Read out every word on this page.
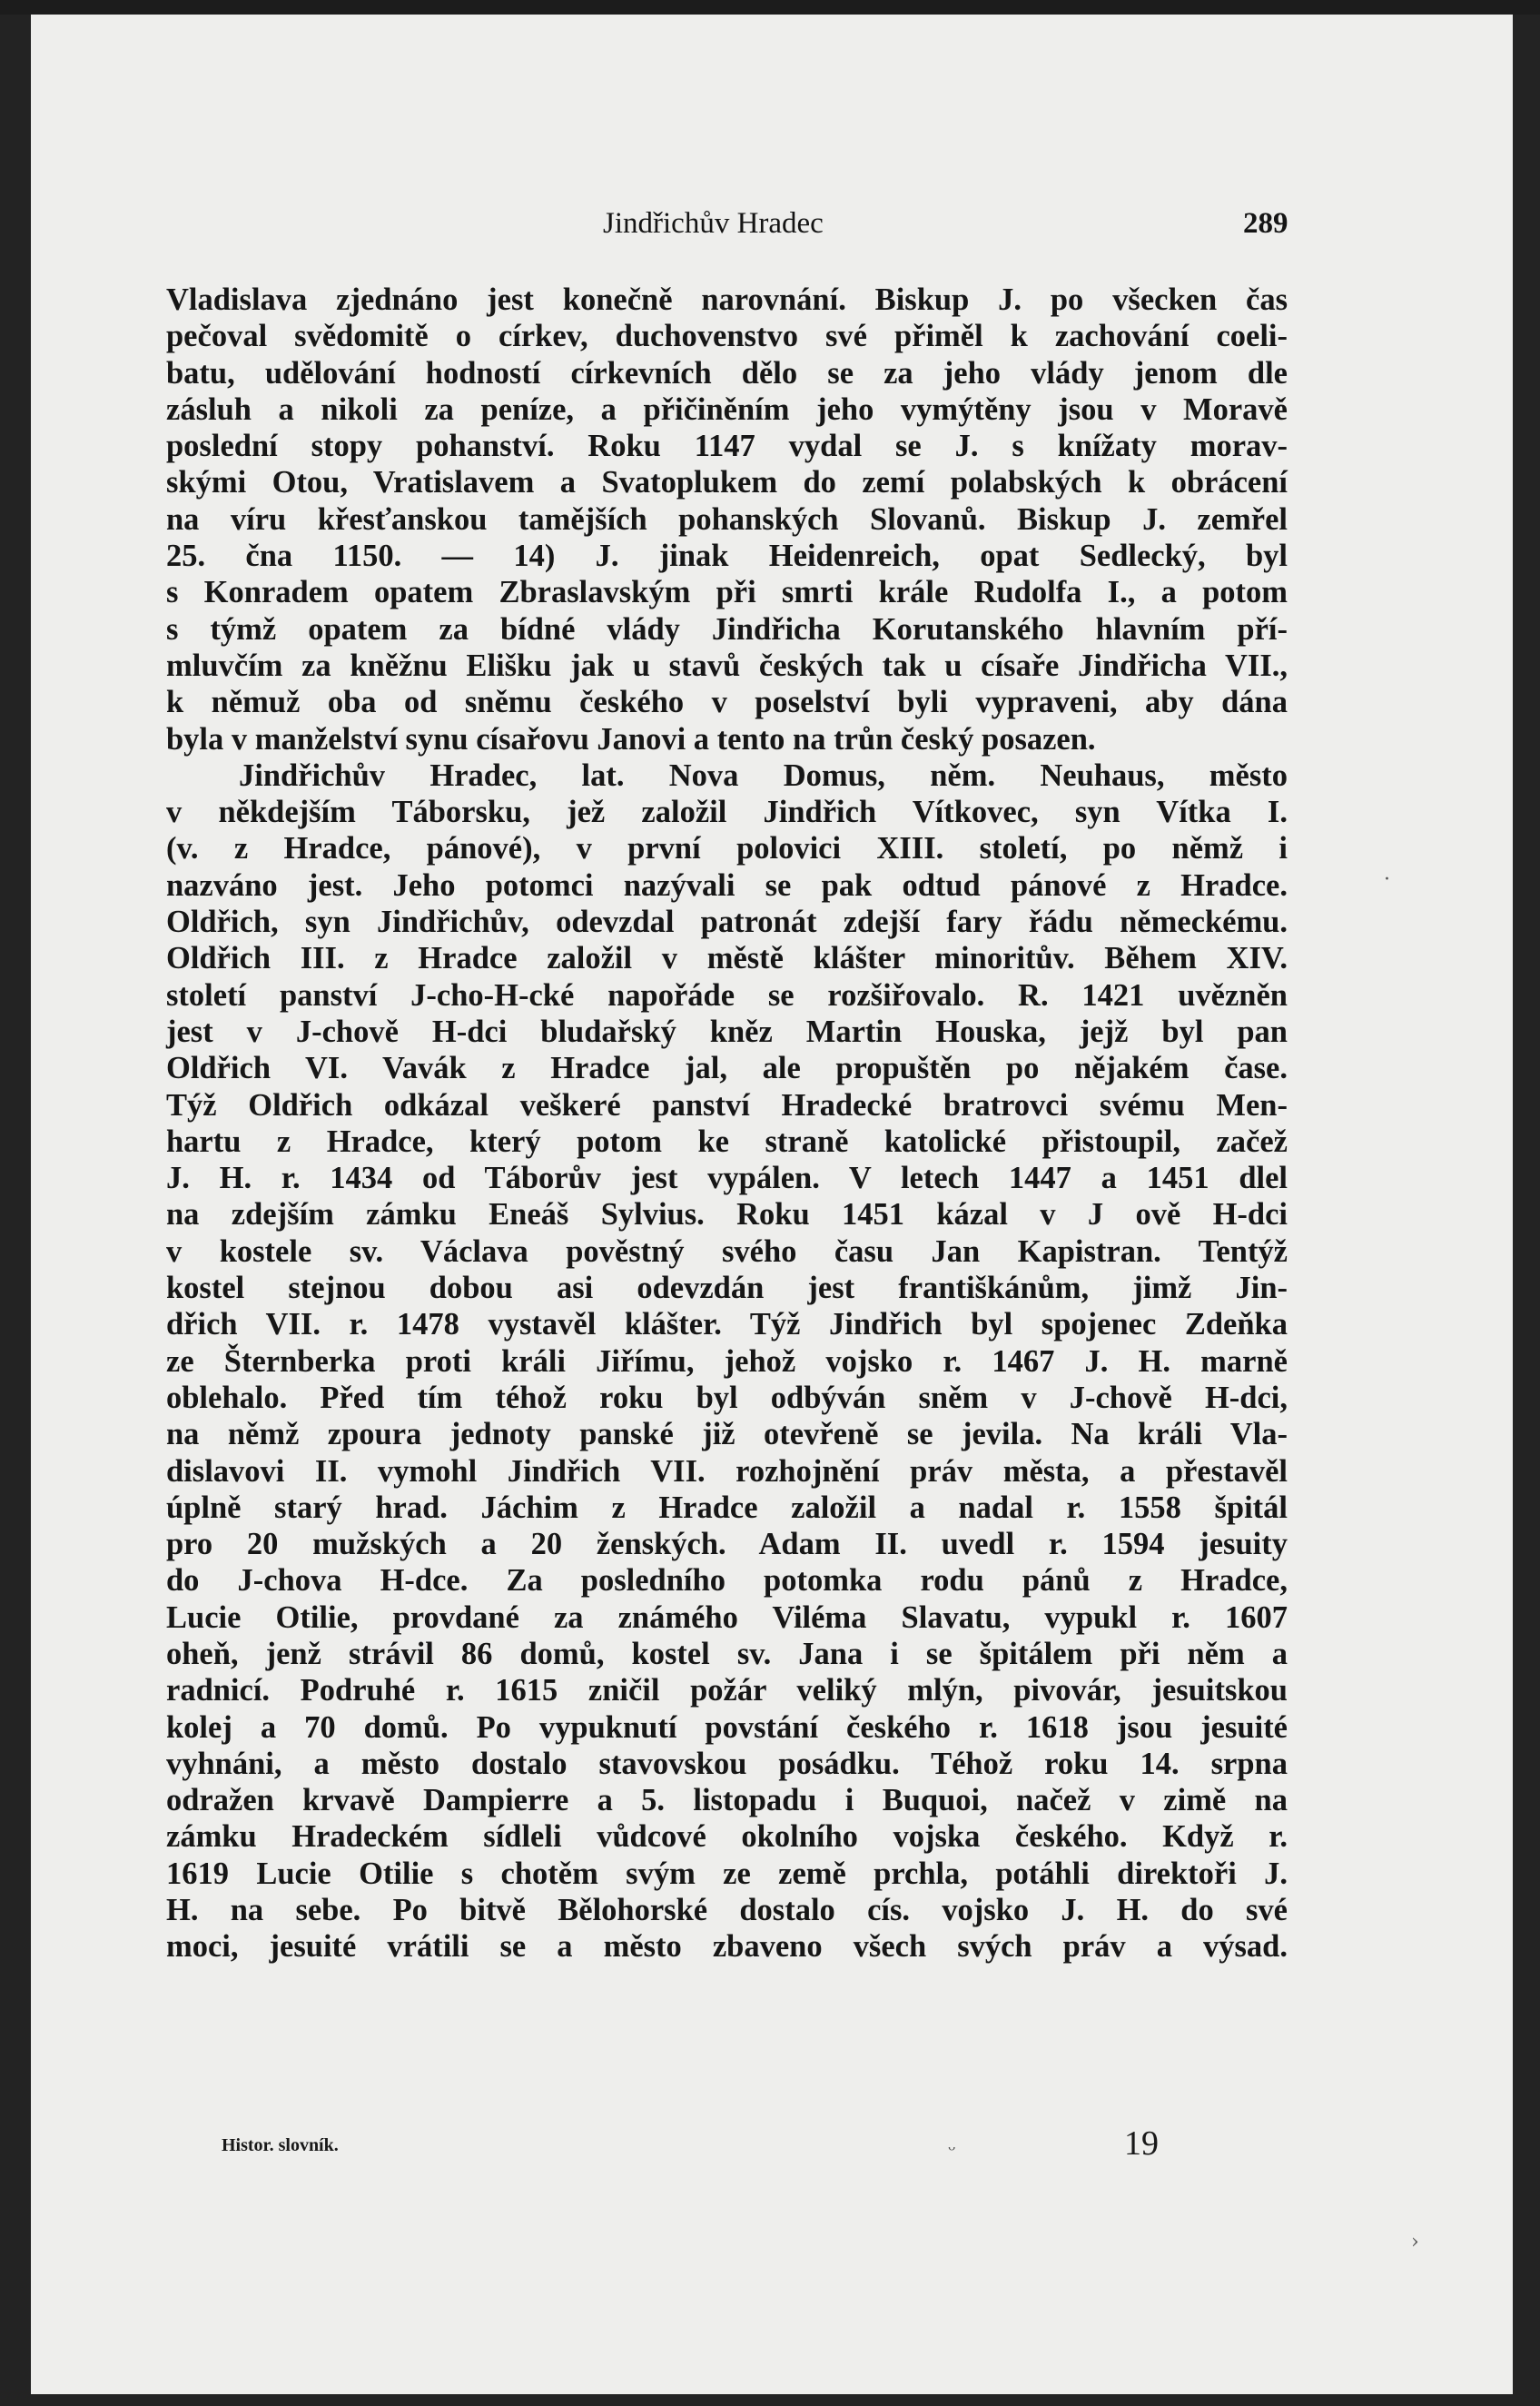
Jindřichův Hradec	289
Vladislava zjednáno jest konečně narovnání. Biskup J. po všecken čas
pečoval svědomitě o církev, duchovenstvo své přiměl k zachování coeli-
batu, udělování hodností církevních dělo se za jeho vlády jenom dle
zásluh a nikoli za peníze, a přičiněním jeho vymýtěny jsou v Moravě
poslední stopy pohanství. Roku 1147 vydal se J. s knížaty morav-
skými Otou, Vratislavem a Svatoplukem do zemí polabských k obrácení
na víru křesťanskou tamějších pohanských Slovanů. Biskup J. zemřel
25. čna 1150. — 14) J. jinak Heidenreich, opat Sedlecký, byl
s Konradem opatem Zbraslavským při smrti krále Rudolfa I., a potom
s týmž opatem za bídné vlády Jindřicha Korutanského hlavním pří-
mluvčím za kněžnu Elišku jak u stavů českých tak u císaře Jindřicha VII.,
k němuž oba od sněmu českého v poselství byli vypraveni, aby dána
byla v manželství synu císařovu Janovi a tento na trůn český posazen.
Jindřichův Hradec, lat. Nova Domus, něm. Neuhaus, město
v někdejším Táborsku, jež založil Jindřich Vítkovec, syn Vítka I.
(v. z Hradce, pánové), v první polovici XIII. století, po němž i
nazváno jest. Jeho potomci nazývali se pak odtud pánové z Hradce.
Oldřich, syn Jindřichův, odevzdal patronát zdejší fary řádu německému.
Oldřich III. z Hradce založil v městě klášter minoritův. Během XIV.
století panství J-cho-H-cké napořáde se rozšiřovalo. R. 1421 uvězněn
jest v J-chově H-dci bludařský kněz Martin Houska, jejž byl pan
Oldřich VI. Vavák z Hradce jal, ale propuštěn po nějakém čase.
Týž Oldřich odkázal veškeré panství Hradecké bratrovci svému Men-
hartu z Hradce, který potom ke straně katolické přistoupil, začež
J. H. r. 1434 od Táborův jest vypálen. V letech 1447 a 1451 dlel
na zdejším zámku Eneáš Sylvius. Roku 1451 kázal v J ově H-dci
v kostele sv. Václava pověstný svého času Jan Kapistran. Tentýž
kostel stejnou dobou asi odevzdán jest františkánům, jimž Jin-
dřich VII. r. 1478 vystavěl klášter. Týž Jindřich byl spojenec Zdeňka
ze Šternberka proti králi Jiřímu, jehož vojsko r. 1467 J. H. marně
oblehalo. Před tím téhož roku byl odbýván sněm v J-chově H-dci,
na němž zpoura jednoty panské již otevřeně se jevila. Na králi Vla-
dislavovi II. vymohl Jindřich VII. rozhojnění práv města, a přestavěl
úplně starý hrad. Jáchim z Hradce založil a nadal r. 1558 špitál
pro 20 mužských a 20 ženských. Adam II. uvedl r. 1594 jesuity
do J-chova H-dce. Za posledního potomka rodu pánů z Hradce,
Lucie Otilie, provdané za známého Viléma Slavatu, vypukl r. 1607
oheň, jenž strávil 86 domů, kostel sv. Jana i se špitálem při něm a
radnicí. Podruhé r. 1615 zničil požár veliký mlýn, pivovár, jesuitskou
kolej a 70 domů. Po vypuknutí povstání českého r. 1618 jsou jesuité
vyhnáni, a město dostalo stavovskou posádku. Téhož roku 14. srpna
odražen krvavě Dampierre a 5. listopadu i Buquoi, načež v zimě na
zámku Hradeckém sídleli vůdcové okolního vojska českého. Když r.
1619 Lucie Otilie s chotěm svým ze země prchla, potáhli direktoři J.
H. na sebe. Po bitvě Bělohorské dostalo cís. vojsko J. H. do své
moci, jesuité vrátili se a město zbaveno všech svých práv a výsad.
Histor. slovník.	19
·
›
ᵕ
